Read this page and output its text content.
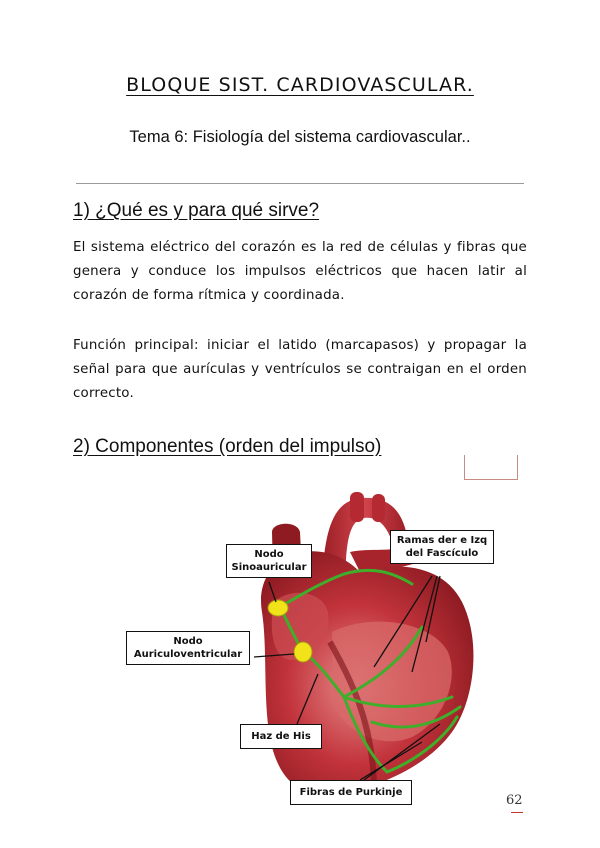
BLOQUE SIST. CARDIOVASCULAR.
Tema 6: Fisiología del sistema cardiovascular..
1) ¿Qué es y para qué sirve?

El sistema eléctrico del corazón es la red de células y fibras que genera y conduce los impulsos eléctricos que hacen latir al corazón de forma rítmica y coordinada.

Función principal: iniciar el latido (marcapasos) y propagar la señal para que aurículas y ventrículos se contraigan en el orden correcto.

2) Componentes (orden del impulso)
Nodo
Sinoauricular
Nodo
Auriculoventricular
Haz de His
Ramas der e Izq
del Fascículo
Fibras de Purkinje
62
